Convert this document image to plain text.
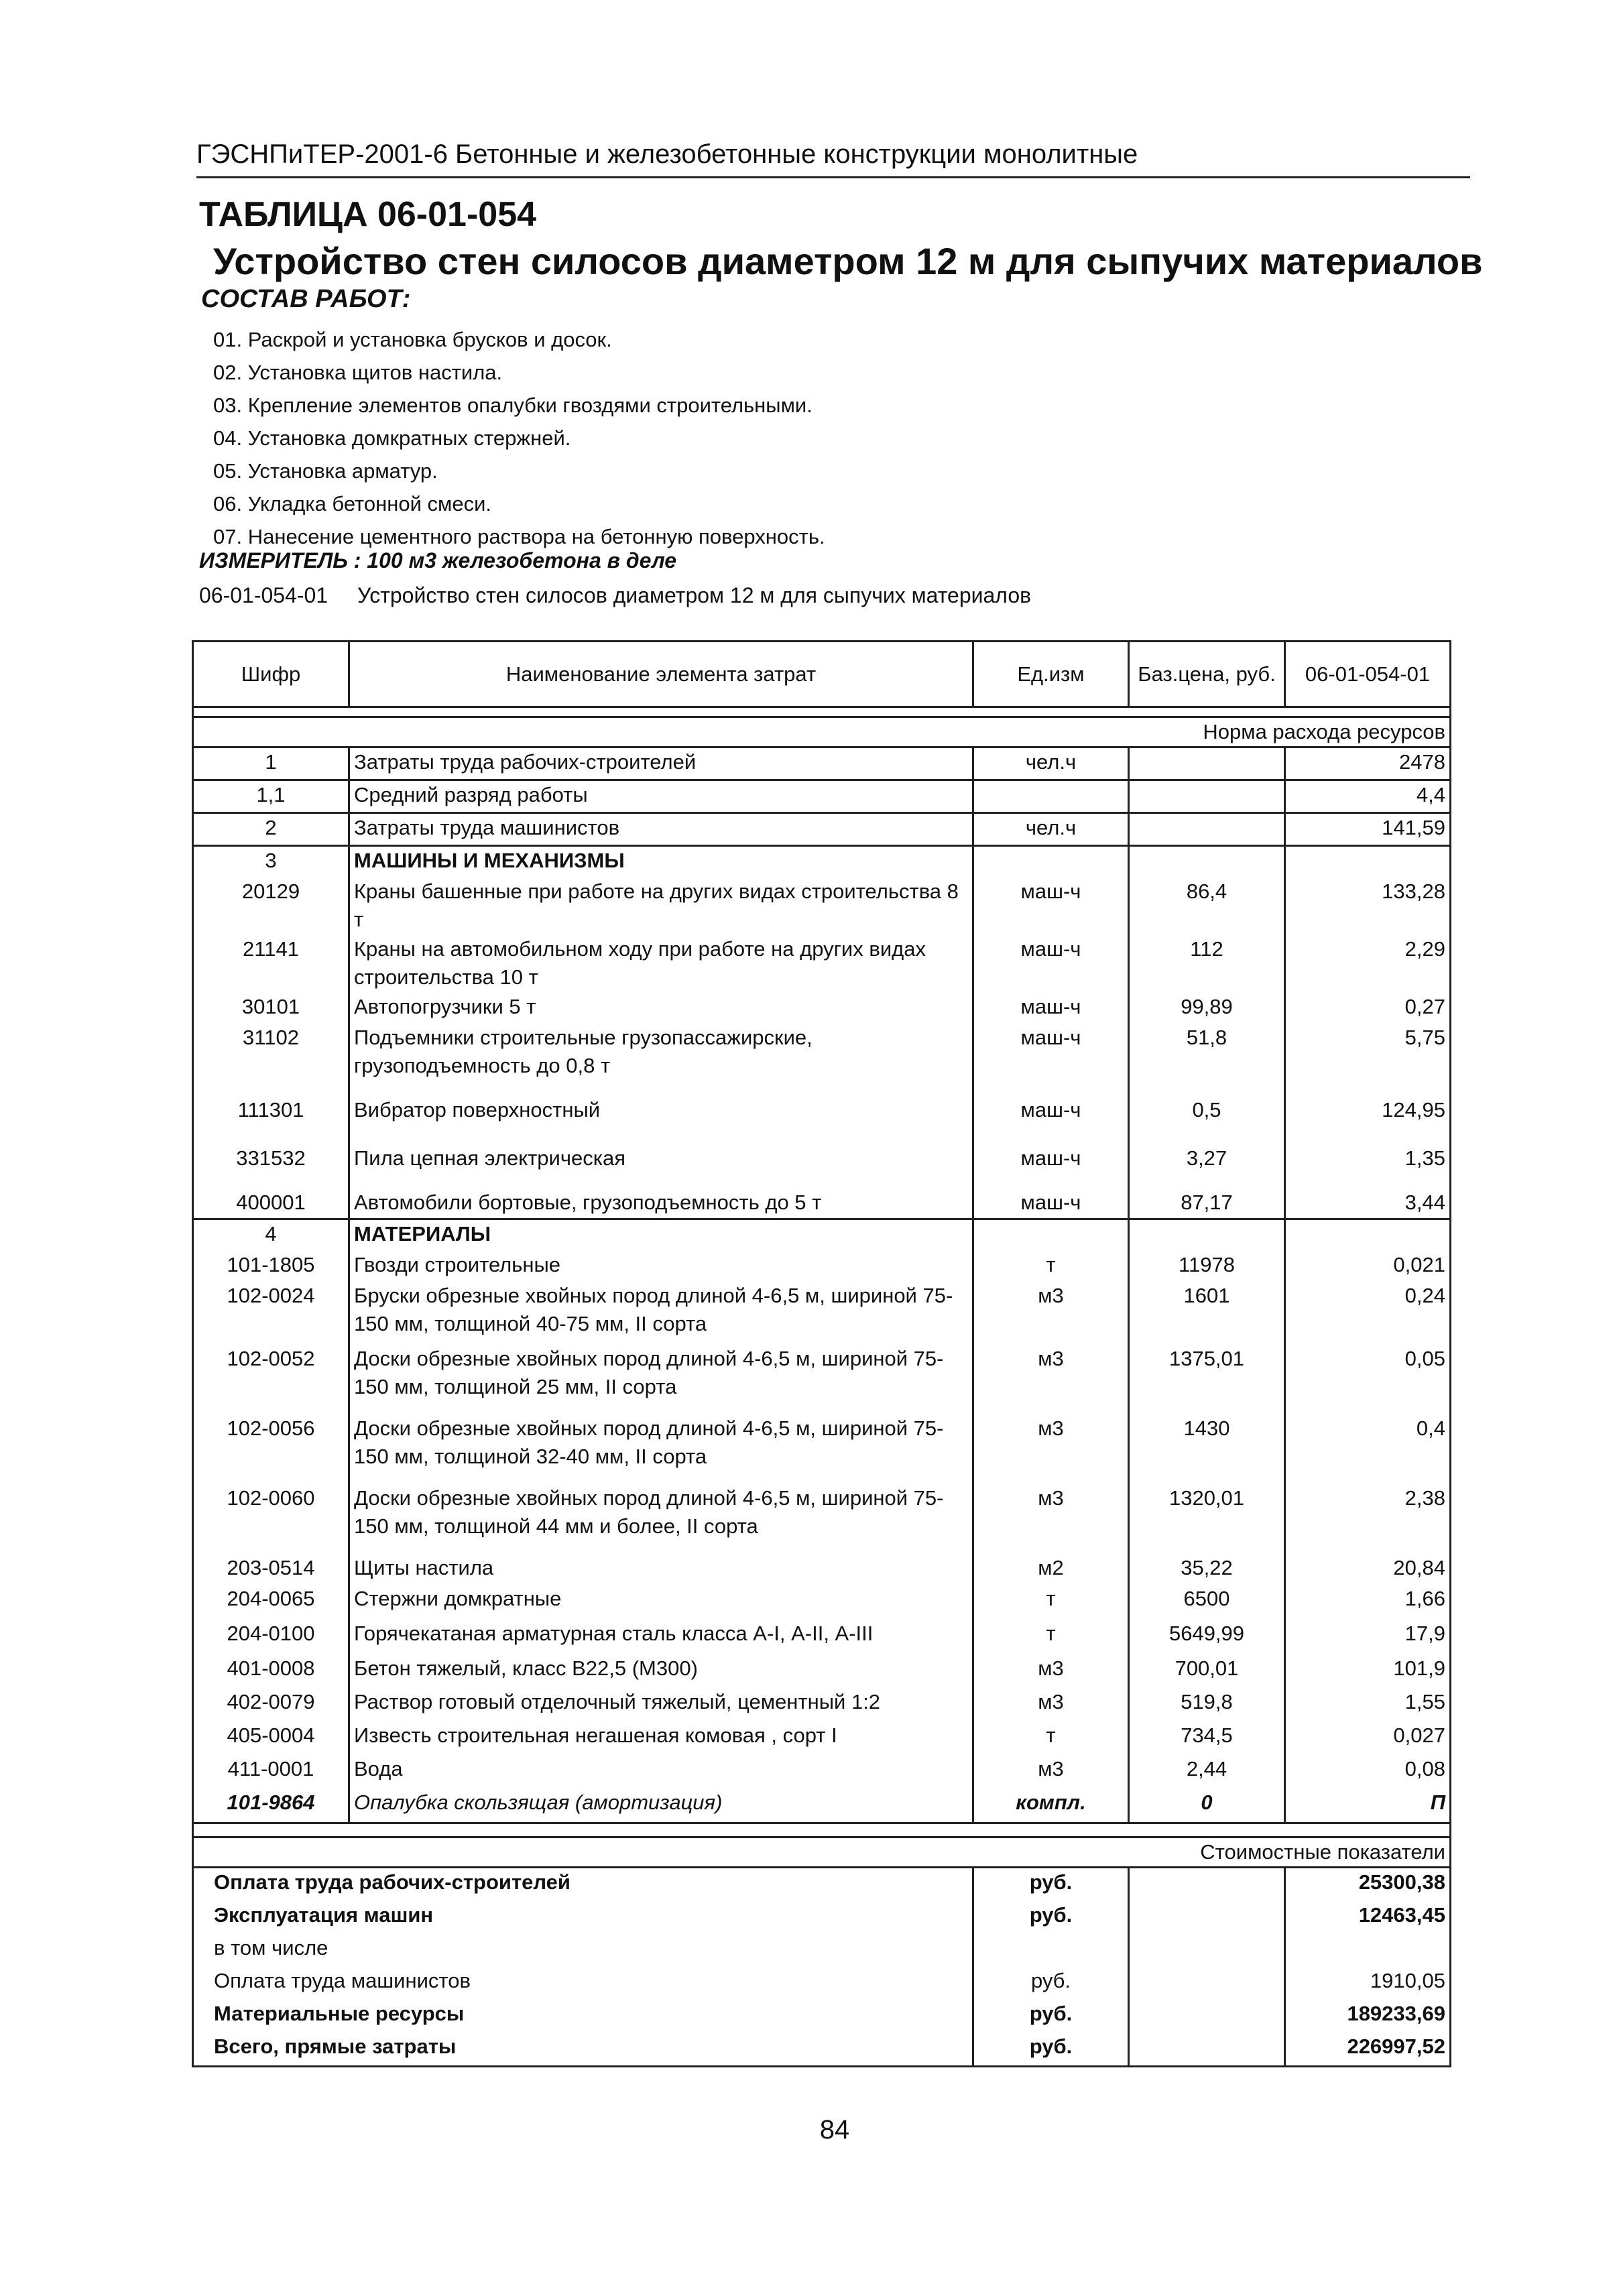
ГЭСНПиТЕР-2001-6 Бетонные и железобетонные конструкции монолитные
ТАБЛИЦА 06-01-054
Устройство стен силосов диаметром 12 м для сыпучих материалов
СОСТАВ РАБОТ:
01. Раскрой и установка брусков и досок.
02. Установка щитов настила.
03. Крепление элементов опалубки гвоздями строительными.
04. Установка домкратных стержней.
05. Установка арматур.
06. Укладка бетонной смеси.
07. Нанесение цементного раствора на бетонную поверхность.
ИЗМЕРИТЕЛЬ : 100 м3 железобетона в деле
06-01-054-01 Устройство стен силосов диаметром 12 м для сыпучих материалов
Шифр	Наименование элемента затрат	Ед.изм	Баз.цена, руб.	06-01-054-01

Норма расхода ресурсов				
1	Затраты труда рабочих-строителей	чел.ч		2478
1,1	Средний разряд работы			4,4
2	Затраты труда машинистов	чел.ч		141,59
3	МАШИНЫ И МЕХАНИЗМЫ			
20129	Краны башенные при работе на других видах строительства 8 т	маш-ч	86,4	133,28
21141	Краны на автомобильном ходу при работе на других видах строительства 10 т	маш-ч	112	2,29
30101	Автопогрузчики 5 т	маш-ч	99,89	0,27
31102	Подъемники строительные грузопассажирские, грузоподъемность до 0,8 т	маш-ч	51,8	5,75
111301	Вибратор поверхностный	маш-ч	0,5	124,95
331532	Пила цепная электрическая	маш-ч	3,27	1,35
400001	Автомобили бортовые, грузоподъемность до 5 т	маш-ч	87,17	3,44
4	МАТЕРИАЛЫ			
101-1805	Гвозди строительные	т	11978	0,021
102-0024	Бруски обрезные хвойных пород длиной 4-6,5 м, шириной 75-150 мм, толщиной 40-75 мм, II сорта	м3	1601	0,24
102-0052	Доски обрезные хвойных пород длиной 4-6,5 м, шириной 75-150 мм, толщиной 25 мм, II сорта	м3	1375,01	0,05
102-0056	Доски обрезные хвойных пород длиной 4-6,5 м, шириной 75-150 мм, толщиной 32-40 мм, II сорта	м3	1430	0,4
102-0060	Доски обрезные хвойных пород длиной 4-6,5 м, шириной 75-150 мм, толщиной 44 мм и более, II сорта	м3	1320,01	2,38
203-0514	Щиты настила	м2	35,22	20,84
204-0065	Стержни домкратные	т	6500	1,66
204-0100	Горячекатаная арматурная сталь класса А-I, А-II, А-III	т	5649,99	17,9
401-0008	Бетон тяжелый, класс В22,5 (М300)	м3	700,01	101,9
402-0079	Раствор готовый отделочный тяжелый, цементный 1:2	м3	519,8	1,55
405-0004	Известь строительная негашеная комовая , сорт I	т	734,5	0,027
411-0001	Вода	м3	2,44	0,08
101-9864	Опалубка скользящая (амортизация)	компл.	0	П

Стоимостные показатели				
Оплата труда рабочих-строителей		руб.		25300,38
Эксплуатация машин		руб.		12463,45
в том числе				
Оплата труда машинистов		руб.		1910,05
Материальные ресурсы		руб.		189233,69
Всего, прямые затраты		руб.		226997,52
84
